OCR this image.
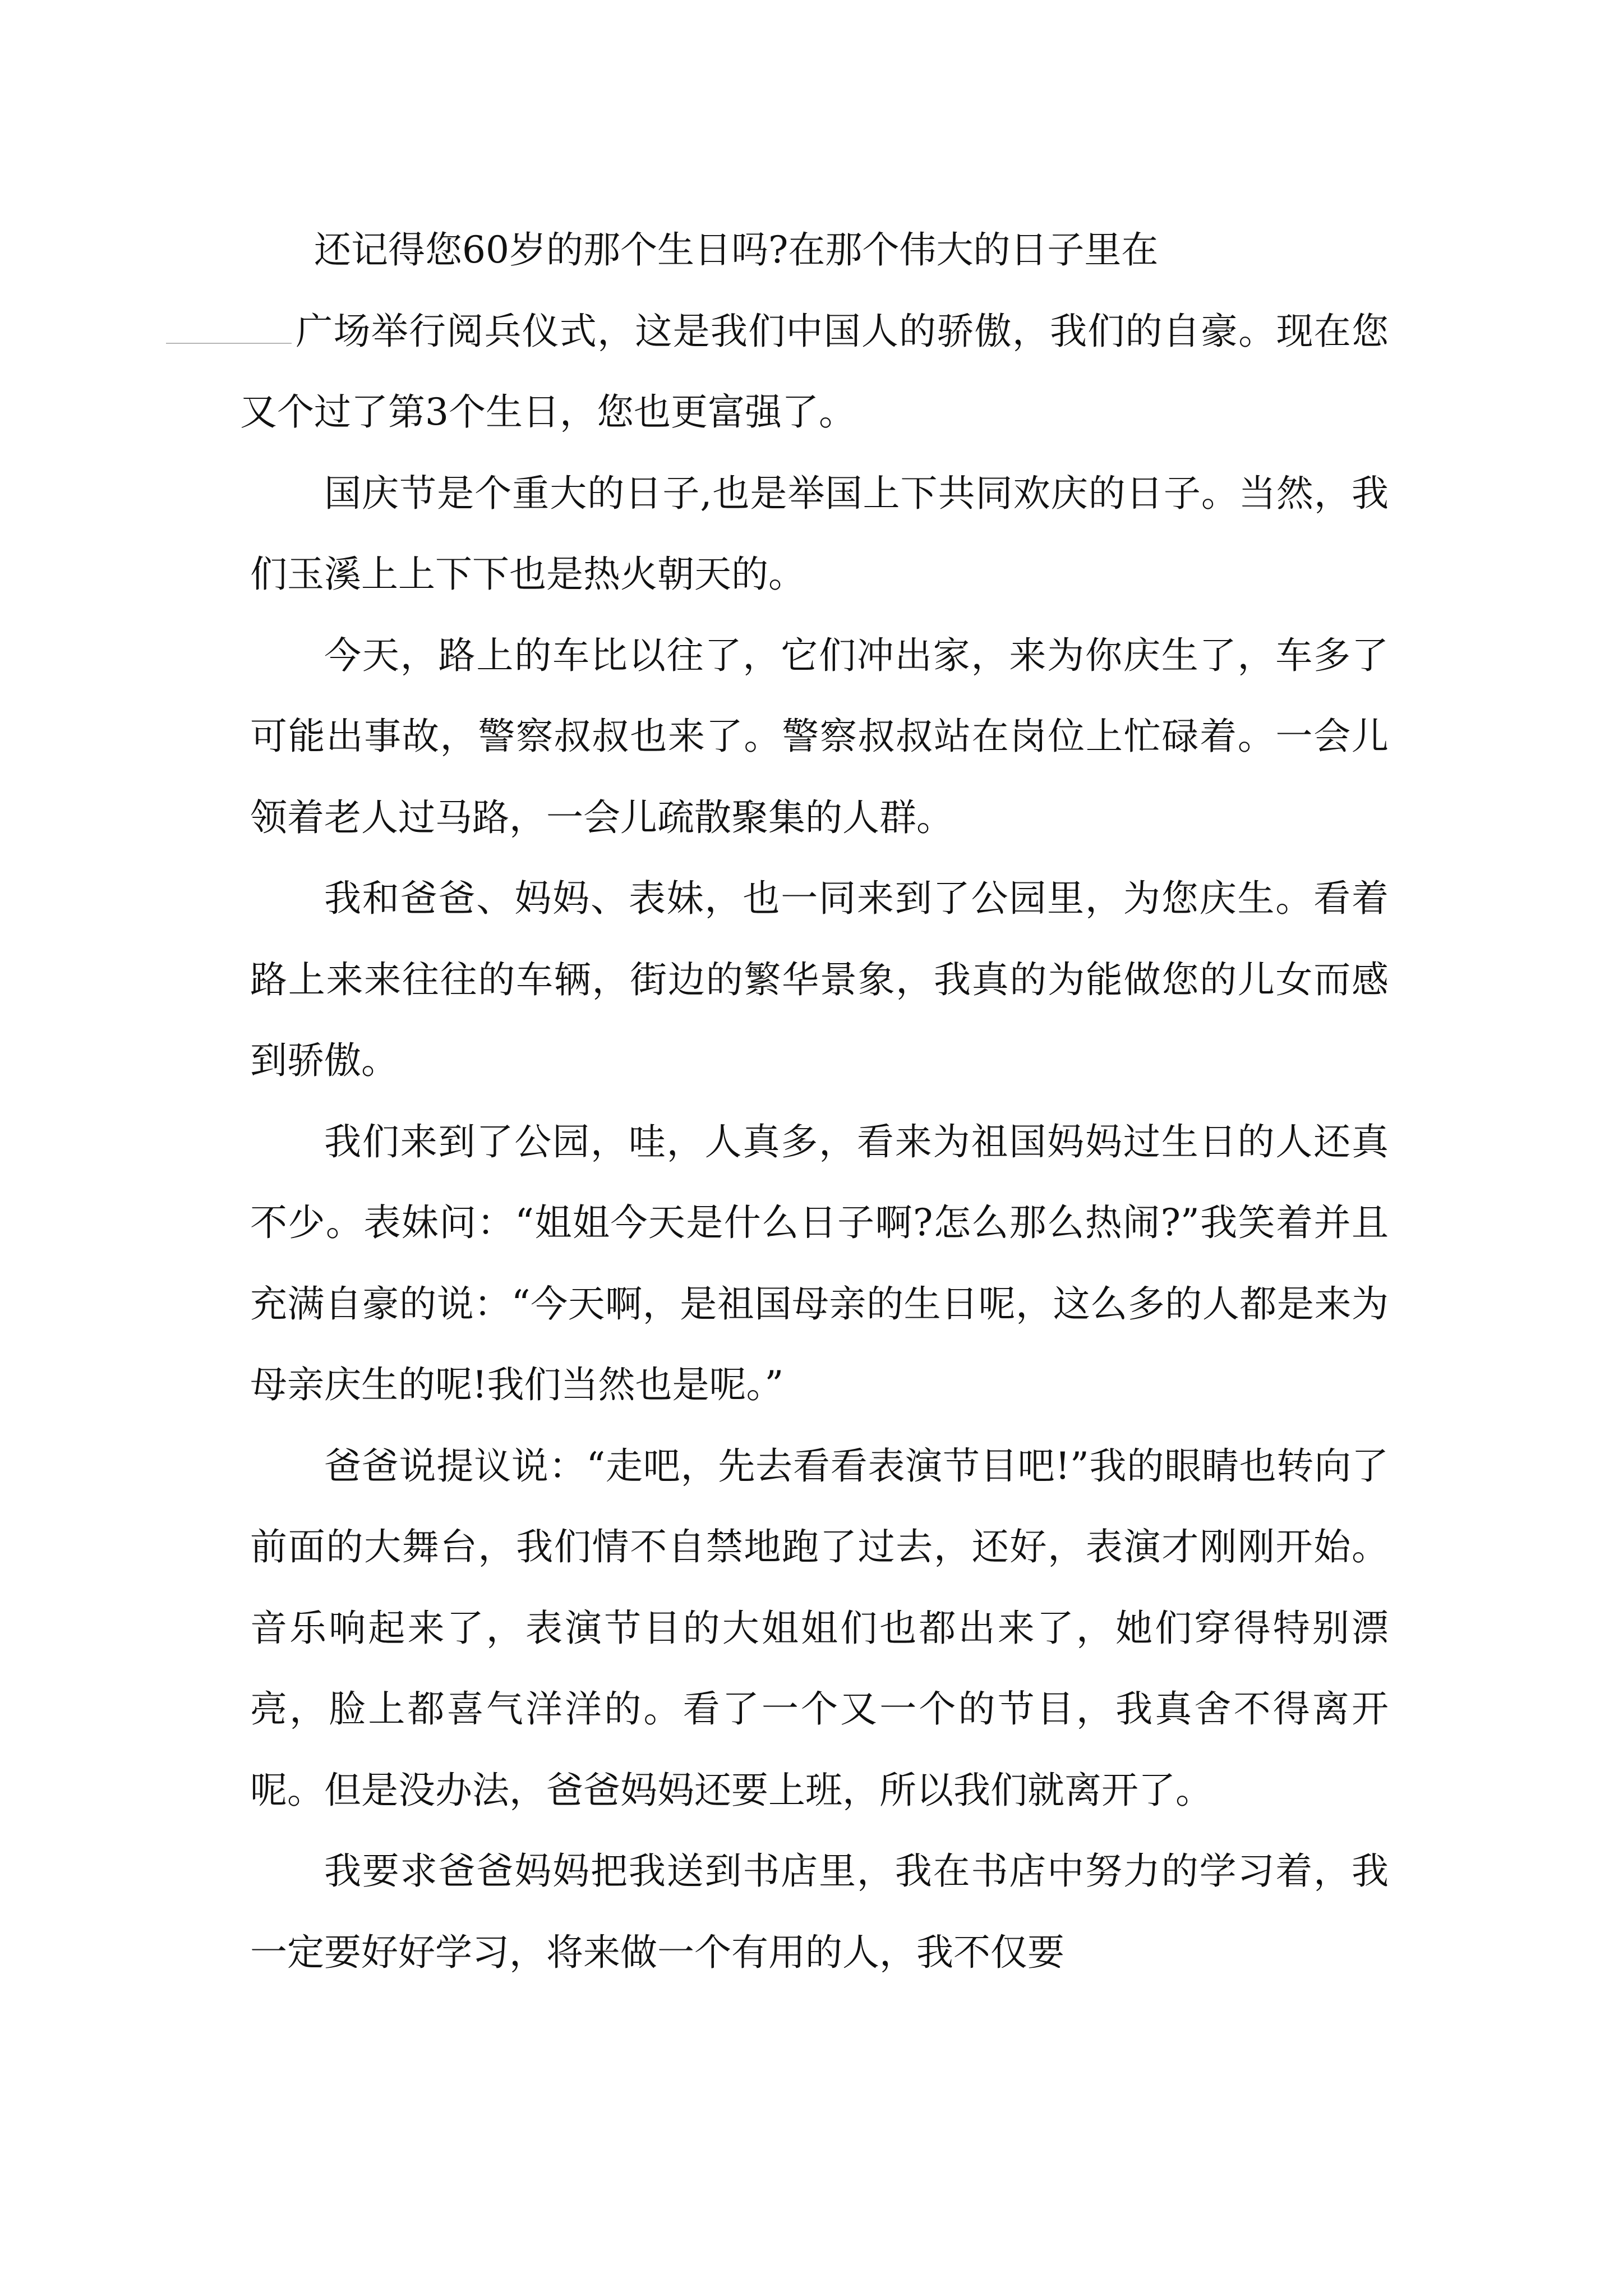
还记得您60岁的那个生日吗?在那个伟大的日子里在
广场举行阅兵仪式，这是我们中国人的骄傲，我们的自豪。现在您又个过了第3个生日，您也更富强了。

国庆节是个重大的日子,也是举国上下共同欢庆的日子。当然，我们玉溪上上下下也是热火朝天的。

今天，路上的车比以往了，它们冲出家，来为你庆生了，车多了可能出事故，警察叔叔也来了。警察叔叔站在岗位上忙碌着。一会儿领着老人过马路，一会儿疏散聚集的人群。

我和爸爸、妈妈、表妹，也一同来到了公园里，为您庆生。看着路上来来往往的车辆，街边的繁华景象，我真的为能做您的儿女而感到骄傲。

我们来到了公园，哇，人真多，看来为祖国妈妈过生日的人还真不少。表妹问：“姐姐今天是什么日子啊?怎么那么热闹?”我笑着并且充满自豪的说：“今天啊，是祖国母亲的生日呢，这么多的人都是来为母亲庆生的呢!我们当然也是呢。”

爸爸说提议说：“走吧，先去看看表演节目吧!”我的眼睛也转向了前面的大舞台，我们情不自禁地跑了过去，还好，表演才刚刚开始。音乐响起来了，表演节目的大姐姐们也都出来了，她们穿得特别漂亮，脸上都喜气洋洋的。看了一个又一个的节目，我真舍不得离开呢。但是没办法，爸爸妈妈还要上班，所以我们就离开了。

我要求爸爸妈妈把我送到书店里，我在书店中努力的学习着，我一定要好好学习，将来做一个有用的人，我不仅要
